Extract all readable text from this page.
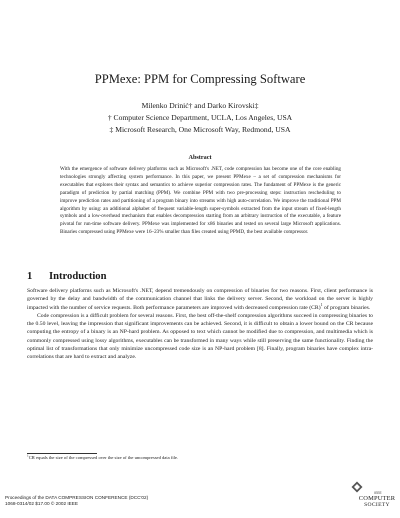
PPMexe: PPM for Compressing Software
Milenko Drinić† and Darko Kirovski‡
† Computer Science Department, UCLA, Los Angeles, USA
‡ Microsoft Research, One Microsoft Way, Redmond, USA
Abstract

With the emergence of software delivery platforms such as Microsoft's .NET, code compression has become one of the core enabling technologies strongly affecting system performance. In this paper, we present PPMexe – a set of compression mechanisms for executables that explores their syntax and semantics to achieve superior compression rates. The fundament of PPMexe is the generic paradigm of prediction by partial matching (PPM). We combine PPM with two pre-processing steps: instruction rescheduling to improve prediction rates and partitioning of a program binary into streams with high auto-correlation. We improve the traditional PPM algorithm by using: an additional alphabet of frequent variable-length super-symbols extracted from the input stream of fixed-length symbols and a low-overhead mechanism that enables decompression starting from an arbitrary instruction of the executable, a feature pivotal for run-time software delivery. PPMexe was implemented for x86 binaries and tested on several large Microsoft applications. Binaries compressed using PPMexe were 16–23% smaller than files created using PPMD, the best available compressor.

1 Introduction

Software delivery platforms such as Microsoft's .NET, depend tremendously on compression of binaries for two reasons. First, client performance is governed by the delay and bandwidth of the communication channel that links the delivery server. Second, the workload on the server is highly impacted with the number of service requests. Both performance parameters are improved with decreased compression rate (CR)$^1$ of program binaries.

Code compression is a difficult problem for several reasons. First, the best off-the-shelf compression algorithms succeed in compressing binaries to the 0.50 level, leaving the impression that significant improvements can be achieved. Second, it is difficult to obtain a lower bound on the CR because computing the entropy of a binary is an NP-hard problem. As opposed to text which cannot be modified due to compression, and multimedia which is commonly compressed using lossy algorithms, executables can be transformed in many ways while still preserving the same functionality. Finding the optimal list of transformations that only minimize uncompressed code size is an NP-hard problem [8]. Finally, program binaries have complex intra-correlations that are hard to extract and analyze.

$^1$CR equals the size of the compressed over the size of the uncompressed data file.
Proceedings of the DATA COMPRESSION CONFERENCE (DCC'02)
1068-0314/02 $17.00 © 2002 IEEE
IEEE
COMPUTER
SOCIETY
